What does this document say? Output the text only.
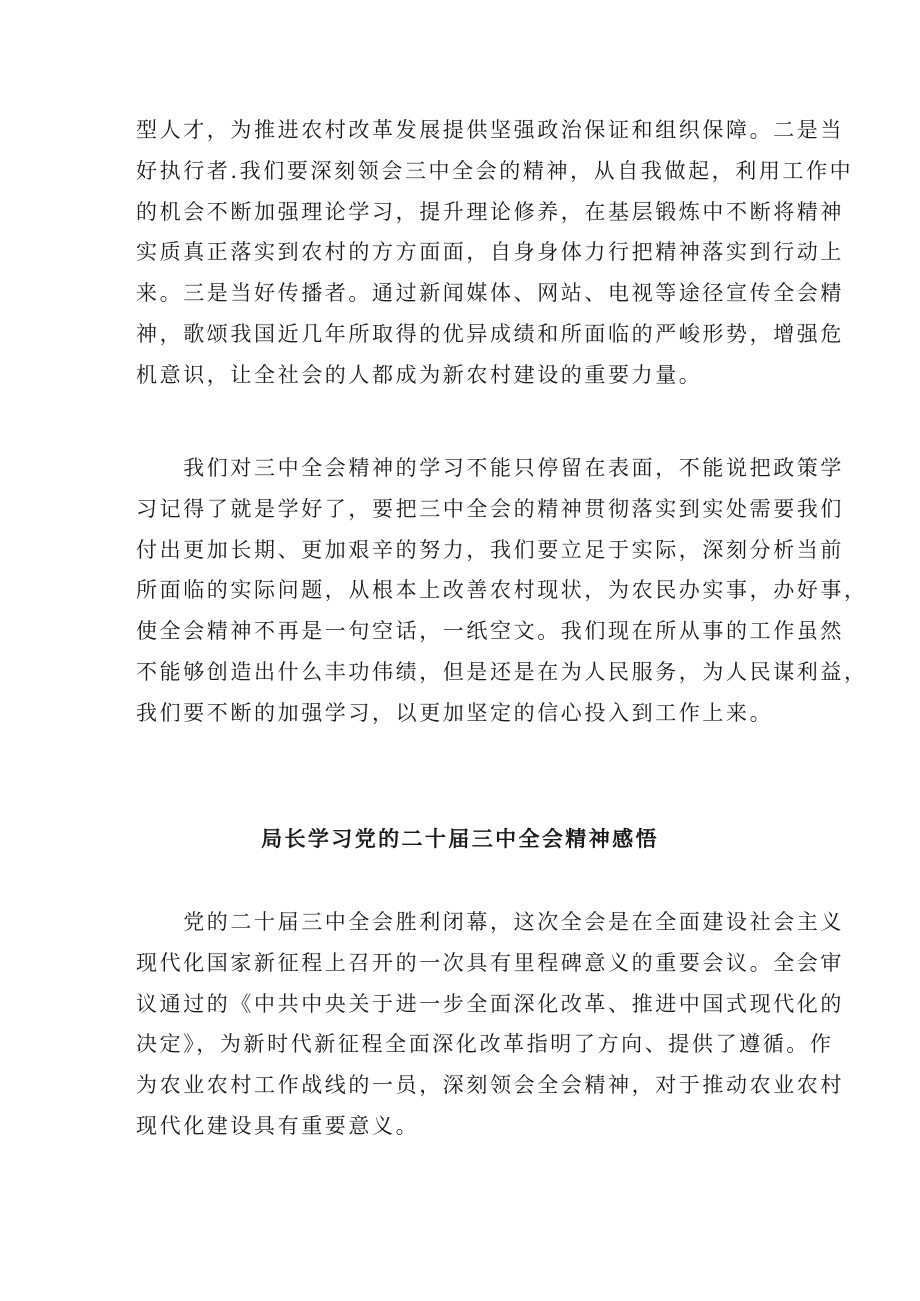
型人才，为推进农村改革发展提供坚强政治保证和组织保障。二是当
好执行者.我们要深刻领会三中全会的精神，从自我做起，利用工作中
的机会不断加强理论学习，提升理论修养，在基层锻炼中不断将精神
实质真正落实到农村的方方面面，自身身体力行把精神落实到行动上
来。三是当好传播者。通过新闻媒体、网站、电视等途径宣传全会精
神，歌颂我国近几年所取得的优异成绩和所面临的严峻形势，增强危
机意识，让全社会的人都成为新农村建设的重要力量。
　　我们对三中全会精神的学习不能只停留在表面，不能说把政策学
习记得了就是学好了，要把三中全会的精神贯彻落实到实处需要我们
付出更加长期、更加艰辛的努力，我们要立足于实际，深刻分析当前
所面临的实际问题，从根本上改善农村现状，为农民办实事，办好事，
使全会精神不再是一句空话，一纸空文。我们现在所从事的工作虽然
不能够创造出什么丰功伟绩，但是还是在为人民服务，为人民谋利益，
我们要不断的加强学习，以更加坚定的信心投入到工作上来。
局长学习党的二十届三中全会精神感悟
　　党的二十届三中全会胜利闭幕，这次全会是在全面建设社会主义
现代化国家新征程上召开的一次具有里程碑意义的重要会议。全会审
议通过的《中共中央关于进一步全面深化改革、推进中国式现代化的
决定》，为新时代新征程全面深化改革指明了方向、提供了遵循。作
为农业农村工作战线的一员，深刻领会全会精神，对于推动农业农村
现代化建设具有重要意义。
